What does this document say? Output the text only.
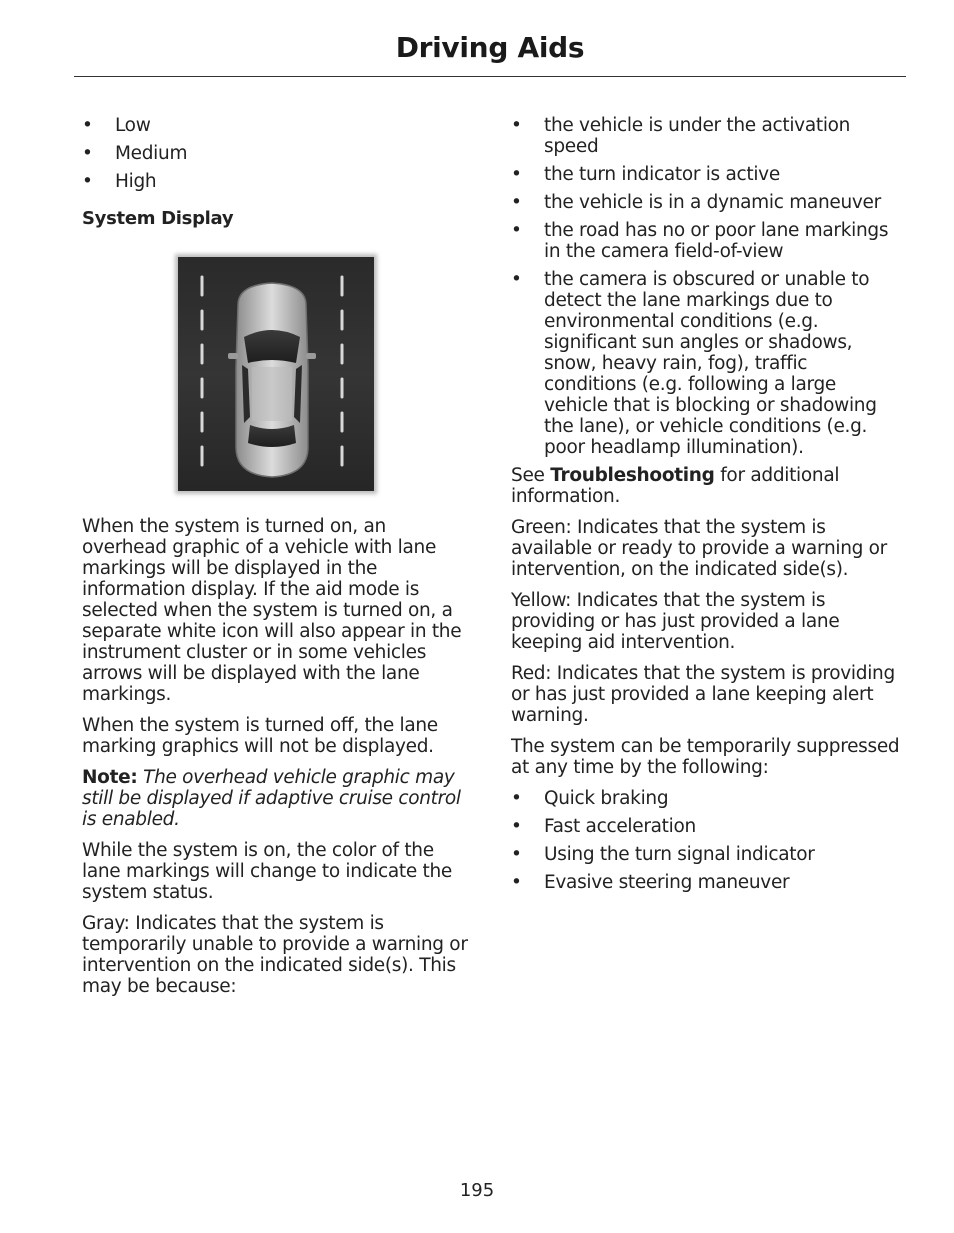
Driving Aids
• Low
• Medium
• High
System Display

When the system is turned on, an overhead graphic of a vehicle with lane markings will be displayed in the information display. If the aid mode is selected when the system is turned on, a separate white icon will also appear in the instrument cluster or in some vehicles arrows will be displayed with the lane markings.

When the system is turned off, the lane marking graphics will not be displayed.

Note: The overhead vehicle graphic may still be displayed if adaptive cruise control is enabled.

While the system is on, the color of the lane markings will change to indicate the system status.

Gray: Indicates that the system is temporarily unable to provide a warning or intervention on the indicated side(s). This may be because:

• the vehicle is under the activation speed
• the turn indicator is active
• the vehicle is in a dynamic maneuver
• the road has no or poor lane markings in the camera field-of-view
• the camera is obscured or unable to detect the lane markings due to environmental conditions (e.g. significant sun angles or shadows, snow, heavy rain, fog), traffic conditions (e.g. following a large vehicle that is blocking or shadowing the lane), or vehicle conditions (e.g. poor headlamp illumination).

See Troubleshooting for additional information.

Green: Indicates that the system is available or ready to provide a warning or intervention, on the indicated side(s).

Yellow: Indicates that the system is providing or has just provided a lane keeping aid intervention.

Red: Indicates that the system is providing or has just provided a lane keeping alert warning.

The system can be temporarily suppressed at any time by the following:

• Quick braking
• Fast acceleration
• Using the turn signal indicator
• Evasive steering maneuver
195
